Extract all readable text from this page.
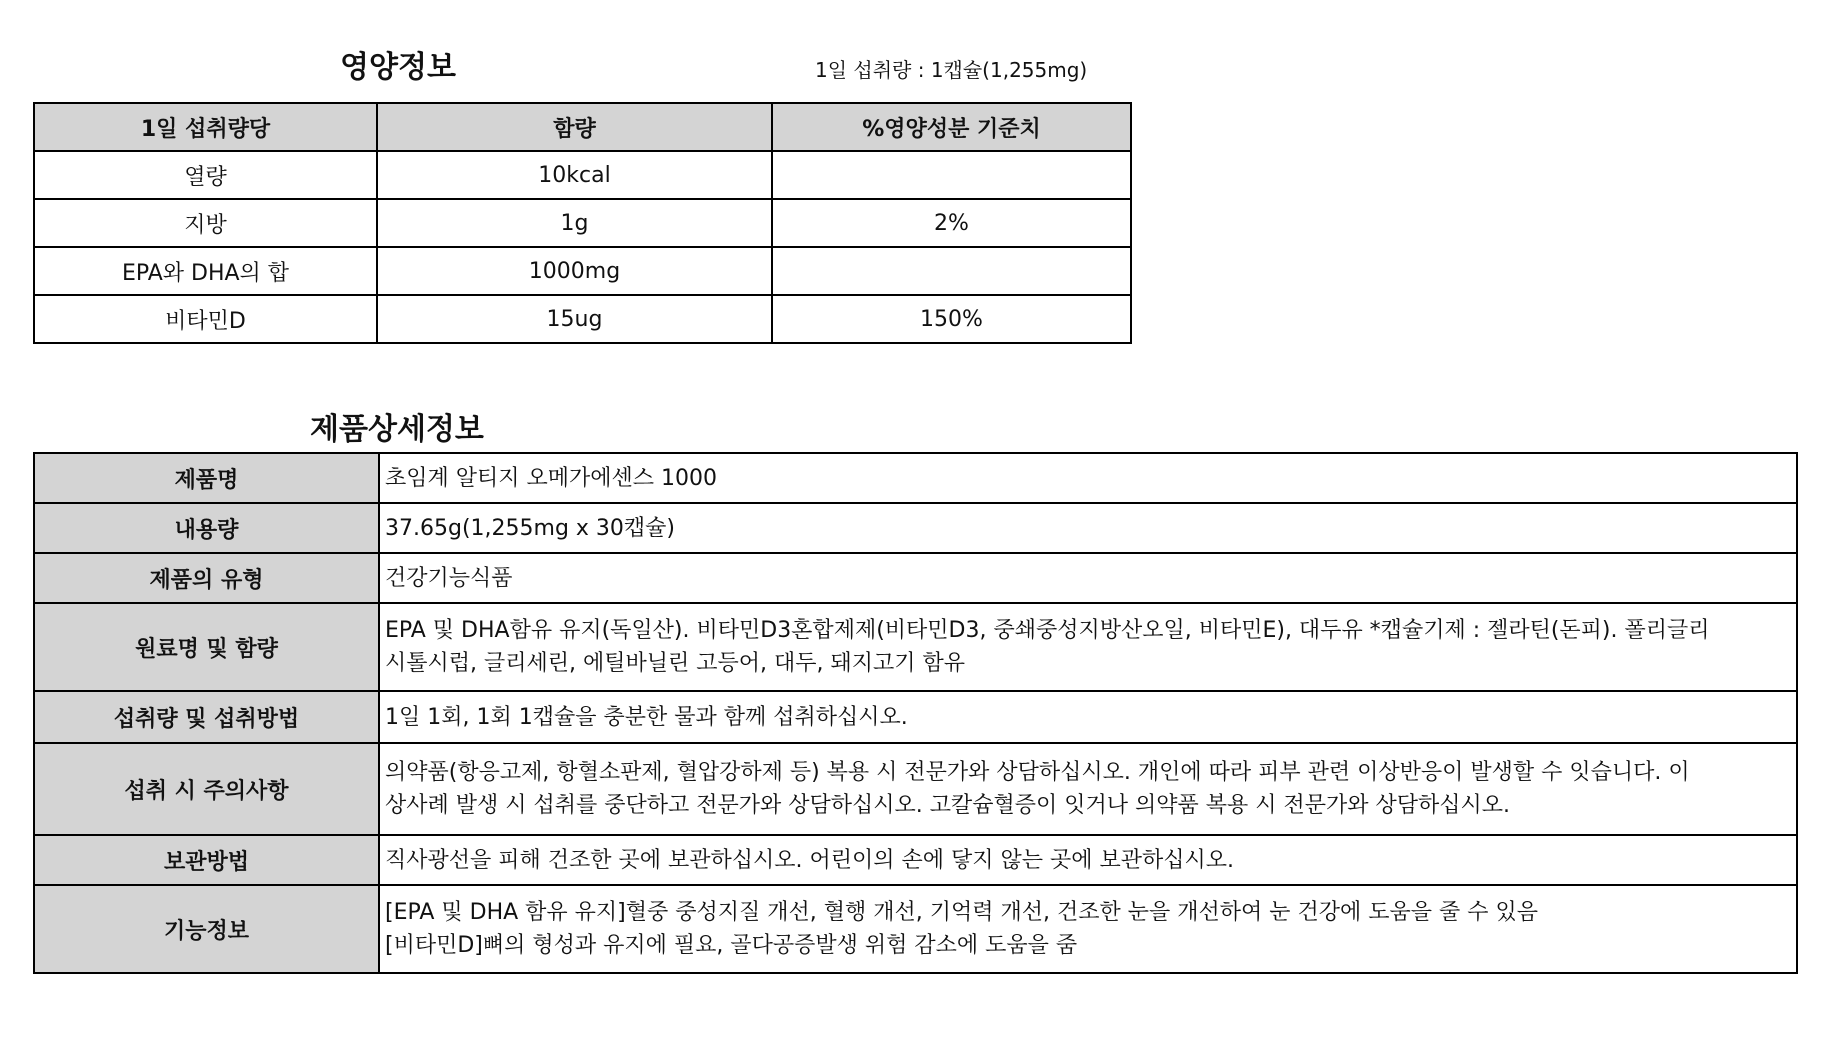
영양정보	1일 섭취량 : 1캡슐(1,255mg)
1일 섭취량당	함량	%영양성분 기준치
열량	10kcal	
지방	1g	2%
EPA와 DHA의 합	1000mg	
비타민D	15ug	150%
제품상세정보
제품명	초임계 알티지 오메가에센스 1000

내용량	37.65g(1,255mg x 30캡슐)

제품의 유형	건강기능식품

원료명 및 함량	EPA 및 DHA함유 유지(독일산). 비타민D3혼합제제(비타민D3, 중쇄중성지방산오일, 비타민E), 대두유 *캡슐기제 : 젤라틴(돈피). 폴리글리
시톨시럽, 글리세린, 에틸바닐린 고등어, 대두, 돼지고기 함유

섭취량 및 섭취방법	1일 1회, 1회 1캡슐을 충분한 물과 함께 섭취하십시오.

섭취 시 주의사항	의약품(항응고제, 항혈소판제, 혈압강하제 등) 복용 시 전문가와 상담하십시오. 개인에 따라 피부 관련 이상반응이 발생할 수 잇습니다. 이
상사례 발생 시 섭취를 중단하고 전문가와 상담하십시오. 고칼슘혈증이 잇거나 의약품 복용 시 전문가와 상담하십시오.

보관방법	직사광선을 피해 건조한 곳에 보관하십시오. 어린이의 손에 닿지 않는 곳에 보관하십시오.

기능정보	[EPA 및 DHA 함유 유지]혈중 중성지질 개선, 혈행 개선, 기억력 개선, 건조한 눈을 개선하여 눈 건강에 도움을 줄 수 있음
[비타민D]뼈의 형성과 유지에 필요, 골다공증발생 위험 감소에 도움을 줌
